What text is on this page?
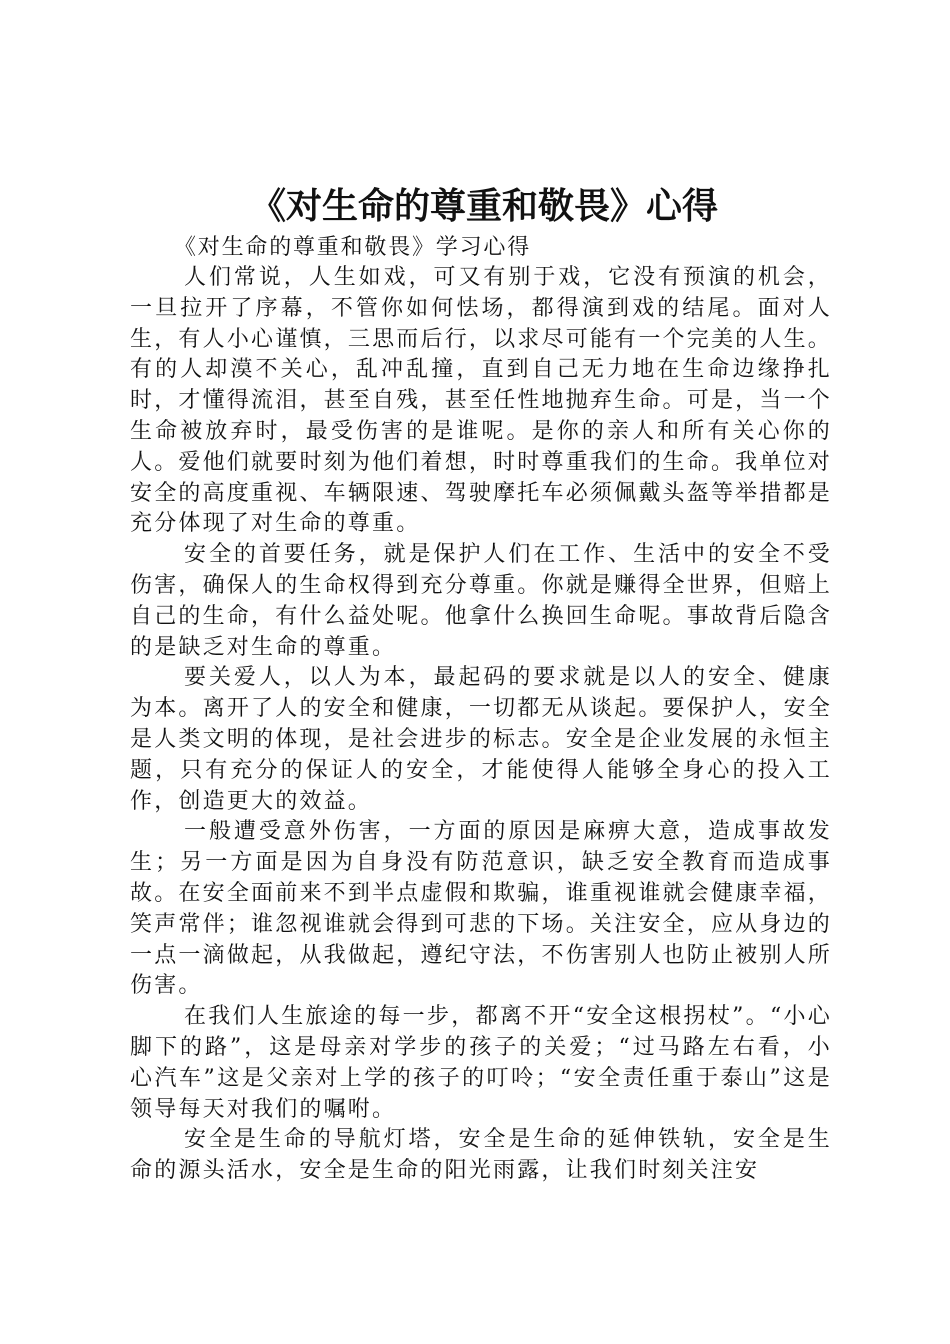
《对生命的尊重和敬畏》心得

《对生命的尊重和敬畏》学习心得

人们常说，人生如戏，可又有别于戏，它没有预演的机会，一旦拉开了序幕，不管你如何怯场，都得演到戏的结尾。面对人生，有人小心谨慎，三思而后行，以求尽可能有一个完美的人生。有的人却漠不关心，乱冲乱撞，直到自己无力地在生命边缘挣扎时，才懂得流泪，甚至自残，甚至任性地抛弃生命。可是，当一个生命被放弃时，最受伤害的是谁呢。是你的亲人和所有关心你的人。爱他们就要时刻为他们着想，时时尊重我们的生命。我单位对安全的高度重视、车辆限速、驾驶摩托车必须佩戴头盔等举措都是充分体现了对生命的尊重。

安全的首要任务，就是保护人们在工作、生活中的安全不受伤害，确保人的生命权得到充分尊重。你就是赚得全世界，但赔上自己的生命，有什么益处呢。他拿什么换回生命呢。事故背后隐含的是缺乏对生命的尊重。

要关爱人，以人为本，最起码的要求就是以人的安全、健康为本。离开了人的安全和健康，一切都无从谈起。要保护人，安全是人类文明的体现，是社会进步的标志。安全是企业发展的永恒主题，只有充分的保证人的安全，才能使得人能够全身心的投入工作，创造更大的效益。

一般遭受意外伤害，一方面的原因是麻痹大意，造成事故发生；另一方面是因为自身没有防范意识，缺乏安全教育而造成事故。在安全面前来不到半点虚假和欺骗，谁重视谁就会健康幸福，笑声常伴；谁忽视谁就会得到可悲的下场。关注安全，应从身边的一点一滴做起，从我做起，遵纪守法，不伤害别人也防止被别人所伤害。

在我们人生旅途的每一步，都离不开“安全这根拐杖”。“小心脚下的路”，这是母亲对学步的孩子的关爱；“过马路左右看，小心汽车”这是父亲对上学的孩子的叮呤；“安全责任重于泰山”这是领导每天对我们的嘱咐。

安全是生命的导航灯塔，安全是生命的延伸铁轨，安全是生命的源头活水，安全是生命的阳光雨露，让我们时刻关注安
